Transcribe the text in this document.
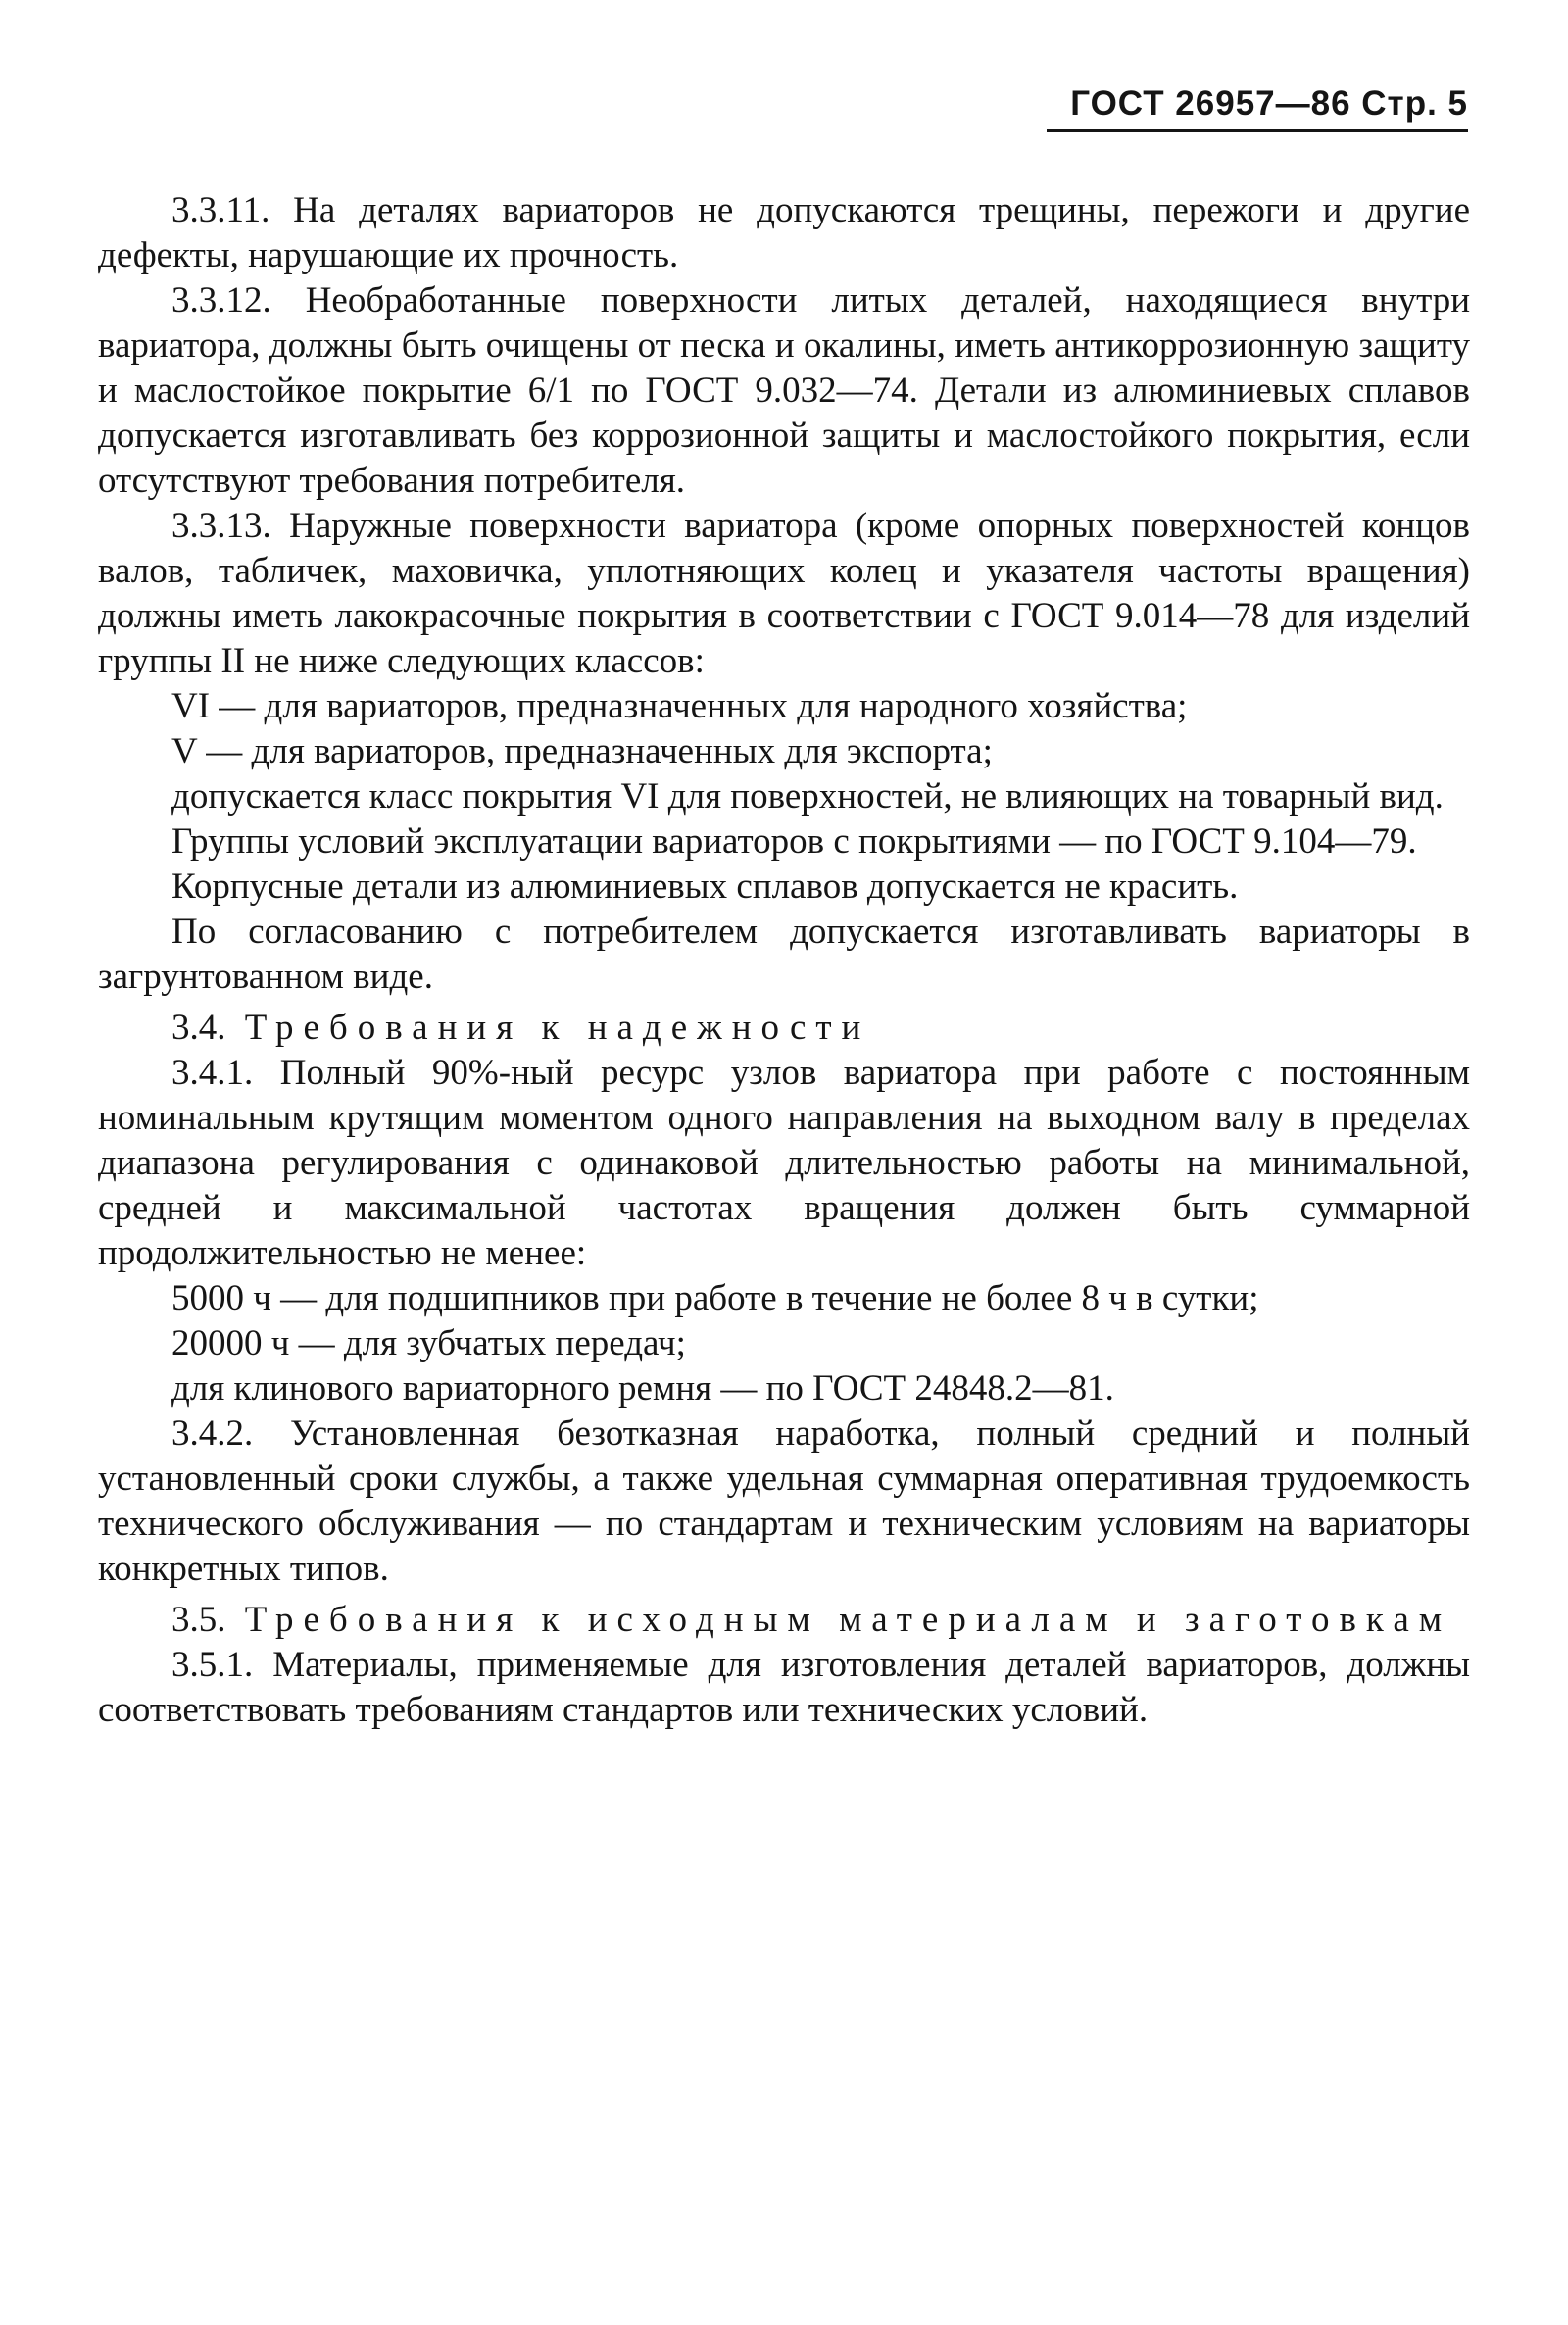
ГОСТ 26957—86 Стр. 5

3.3.11. На деталях вариаторов не допускаются трещины, пережоги и другие дефекты, нарушающие их прочность.

3.3.12. Необработанные поверхности литых деталей, находящиеся внутри вариатора, должны быть очищены от песка и окалины, иметь антикоррозионную защиту и маслостойкое покрытие 6/1 по ГОСТ 9.032—74. Детали из алюминиевых сплавов допускается изготавливать без коррозионной защиты и маслостойкого покрытия, если отсутствуют требования потребителя.

3.3.13. Наружные поверхности вариатора (кроме опорных поверхностей концов валов, табличек, маховичка, уплотняющих колец и указателя частоты вращения) должны иметь лакокрасочные покрытия в соответствии с ГОСТ 9.014—78 для изделий группы II не ниже следующих классов:

VI — для вариаторов, предназначенных для народного хозяйства;

V — для вариаторов, предназначенных для экспорта;

допускается класс покрытия VI для поверхностей, не влияющих на товарный вид.

Группы условий эксплуатации вариаторов с покрытиями — по ГОСТ 9.104—79.

Корпусные детали из алюминиевых сплавов допускается не красить.

По согласованию с потребителем допускается изготавливать вариаторы в загрунтованном виде.

3.4. Требования к надежности

3.4.1. Полный 90%-ный ресурс узлов вариатора при работе с постоянным номинальным крутящим моментом одного направления на выходном валу в пределах диапазона регулирования с одинаковой длительностью работы на минимальной, средней и максимальной частотах вращения должен быть суммарной продолжительностью не менее:

5000 ч — для подшипников при работе в течение не более 8 ч в сутки;

20000 ч — для зубчатых передач;

для клинового вариаторного ремня — по ГОСТ 24848.2—81.

3.4.2. Установленная безотказная наработка, полный средний и полный установленный сроки службы, а также удельная суммарная оперативная трудоемкость технического обслуживания — по стандартам и техническим условиям на вариаторы конкретных типов.

3.5. Требования к исходным материалам и заготовкам

3.5.1. Материалы, применяемые для изготовления деталей вариаторов, должны соответствовать требованиям стандартов или технических условий.
